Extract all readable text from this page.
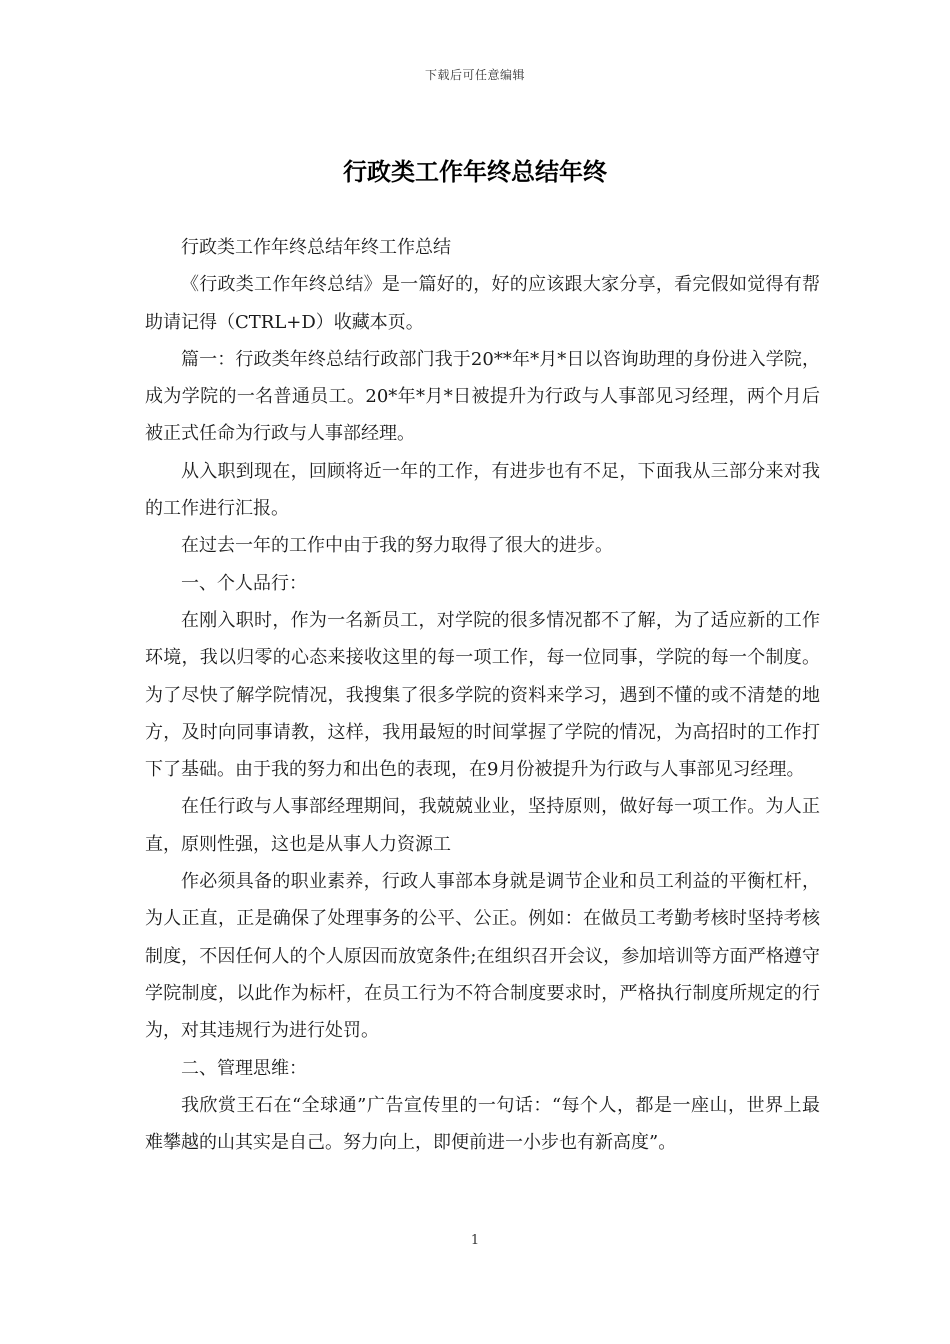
下载后可任意编辑
行政类工作年终总结年终

行政类工作年终总结年终工作总结

《行政类工作年终总结》是一篇好的，好的应该跟大家分享，看完假如觉得有帮助请记得（CTRL+D）收藏本页。

篇一：行政类年终总结行政部门我于20**年*月*日以咨询助理的身份进入学院，成为学院的一名普通员工。20*年*月*日被提升为行政与人事部见习经理，两个月后被正式任命为行政与人事部经理。

从入职到现在，回顾将近一年的工作，有进步也有不足，下面我从三部分来对我的工作进行汇报。

在过去一年的工作中由于我的努力取得了很大的进步。

一、个人品行：

在刚入职时，作为一名新员工，对学院的很多情况都不了解，为了适应新的工作环境，我以归零的心态来接收这里的每一项工作，每一位同事，学院的每一个制度。为了尽快了解学院情况，我搜集了很多学院的资料来学习，遇到不懂的或不清楚的地方，及时向同事请教，这样，我用最短的时间掌握了学院的情况，为高招时的工作打下了基础。由于我的努力和出色的表现，在9月份被提升为行政与人事部见习经理。

在任行政与人事部经理期间，我兢兢业业，坚持原则，做好每一项工作。为人正直，原则性强，这也是从事人力资源工

作必须具备的职业素养，行政人事部本身就是调节企业和员工利益的平衡杠杆，为人正直，正是确保了处理事务的公平、公正。例如：在做员工考勤考核时坚持考核制度，不因任何人的个人原因而放宽条件;在组织召开会议，参加培训等方面严格遵守学院制度，以此作为标杆，在员工行为不符合制度要求时，严格执行制度所规定的行为，对其违规行为进行处罚。

二、管理思维：

我欣赏王石在“全球通”广告宣传里的一句话：“每个人，都是一座山，世界上最难攀越的山其实是自己。努力向上，即便前进一小步也有新高度”。

1
